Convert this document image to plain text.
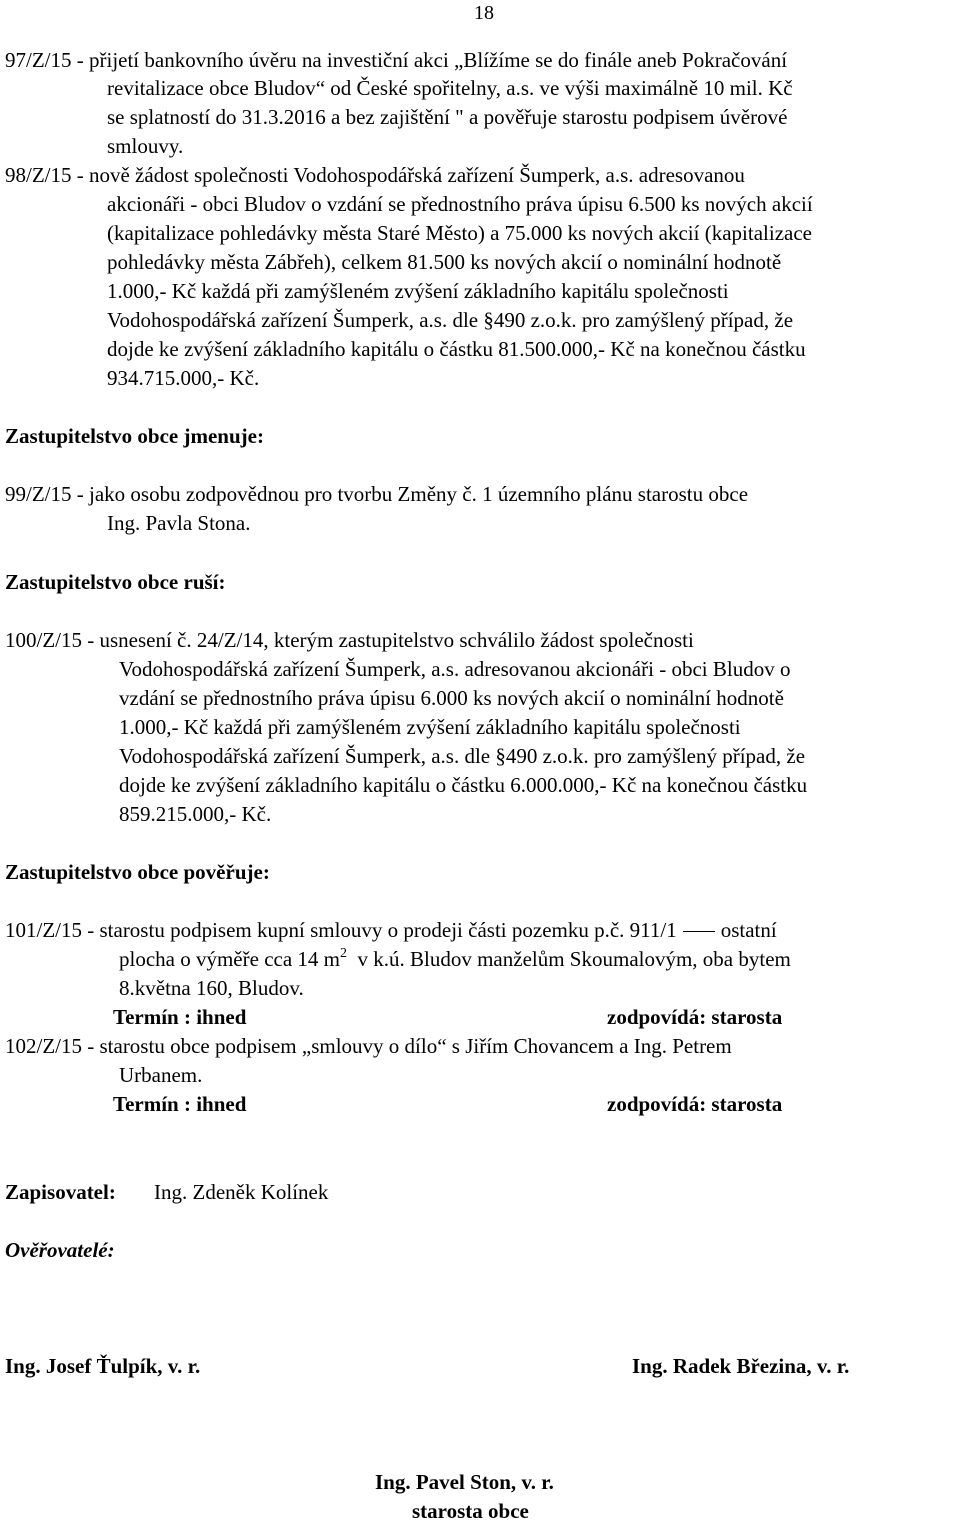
18
97/Z/15 - přijetí bankovního úvěru na investiční akci „Blížíme se do finále aneb Pokračování
revitalizace obce Bludov“ od České spořitelny, a.s. ve výši maximálně 10 mil. Kč
se splatností do 31.3.2016 a bez zajištění " a pověřuje starostu podpisem úvěrové
smlouvy.
98/Z/15 - nově žádost společnosti Vodohospodářská zařízení Šumperk, a.s. adresovanou
akcionáři - obci Bludov o vzdání se přednostního práva úpisu 6.500 ks nových akcií
(kapitalizace pohledávky města Staré Město) a 75.000 ks nových akcií (kapitalizace
pohledávky města Zábřeh), celkem 81.500 ks nových akcií o nominální hodnotě
1.000,- Kč každá při zamýšleném zvýšení základního kapitálu společnosti
Vodohospodářská zařízení Šumperk, a.s. dle §490 z.o.k. pro zamýšlený případ, že
dojde ke zvýšení základního kapitálu o částku 81.500.000,- Kč na konečnou částku
934.715.000,- Kč.
Zastupitelstvo obce jmenuje:
99/Z/15 - jako osobu zodpovědnou pro tvorbu Změny č. 1 územního plánu starostu obce
Ing. Pavla Stona.
Zastupitelstvo obce ruší:
100/Z/15 - usnesení č. 24/Z/14, kterým zastupitelstvo schválilo žádost společnosti
Vodohospodářská zařízení Šumperk, a.s. adresovanou akcionáři - obci Bludov o
vzdání se přednostního práva úpisu 6.000 ks nových akcií o nominální hodnotě
1.000,- Kč každá při zamýšleném zvýšení základního kapitálu společnosti
Vodohospodářská zařízení Šumperk, a.s. dle §490 z.o.k. pro zamýšlený případ, že
dojde ke zvýšení základního kapitálu o částku 6.000.000,- Kč na konečnou částku
859.215.000,- Kč.
Zastupitelstvo obce pověřuje:
101/Z/15 - starostu podpisem kupní smlouvy o prodeji části pozemku p.č. 911/1 ostatní
plocha o výměře cca 14 $m^2$  v k.ú. Bludov manželům Skoumalovým, oba bytem
8.května 160, Bludov.
Termín : ihned	zodpovídá: starosta
102/Z/15 - starostu obce podpisem „smlouvy o dílo“ s Jiřím Chovancem a Ing. Petrem
Urbanem.
Termín : ihned	zodpovídá: starosta
Zapisovatel: Ing. Zdeněk Kolínek
Ověřovatelé:
Ing. Josef Ťulpík, v. r.	Ing. Radek Březina, v. r.
Ing. Pavel Ston, v. r.
starosta obce
